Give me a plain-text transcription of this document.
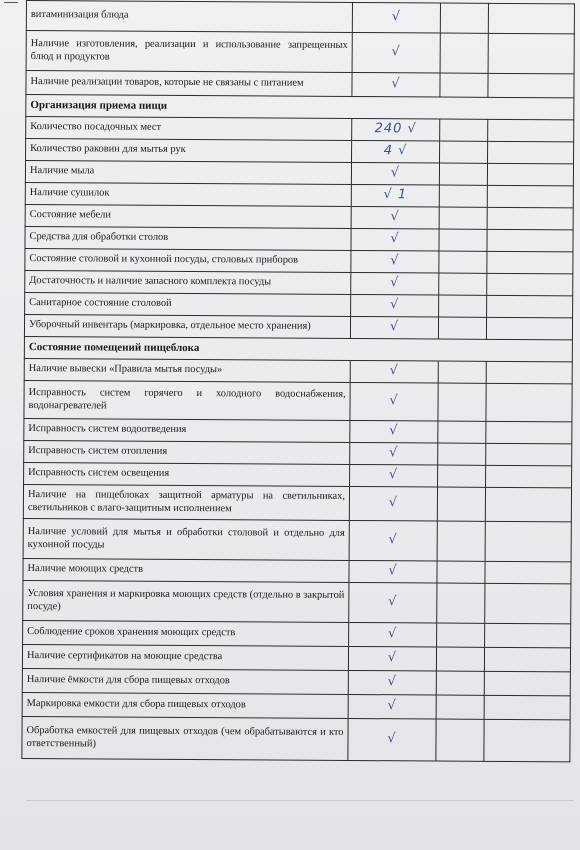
витаминизация блюда	√		

Наличие изготовления, реализации и использование запрещенных блюд и продуктов	√		

Наличие реализации товаров, которые не связаны с питанием	√		
Организация приема пищи			

Количество посадочных мест	240 √		

Количество раковин для мытья рук	4 √		

Наличие мыла	√		

Наличие сушилок	√ 1		

Состояние мебели	√		

Средства для обработки столов	√		

Состояние столовой и кухонной посуды, столовых приборов	√		

Достаточность и наличие запасного комплекта посуды	√		

Санитарное состояние столовой	√		

Уборочный инвентарь (маркировка, отдельное место хранения)	√		
Состояние помещений пищеблока			

Наличие вывески «Правила мытья посуды»	√		

Исправность систем горячего и холодного водоснабжения, водонагревателей	√		

Исправность систем водоотведения	√		

Исправность систем отопления	√		

Исправность систем освещения	√		

Наличие на пищеблоках защитной арматуры на светильниках, светильников с влаго-защитным исполнением	√		

Наличие условий для мытья и обработки столовой и отдельно для кухонной посуды	√		

Наличие моющих средств	√		

Условия хранения и маркировка моющих средств (отдельно в закрытой посуде)	√		

Соблюдение сроков хранения моющих средств	√		

Наличие сертификатов на моющие средства	√		

Наличие ёмкости для сбора пищевых отходов	√		

Маркировка емкости для сбора пищевых отходов	√		

Обработка емкостей для пищевых отходов (чем обрабатываются и кто ответственный)	√		
